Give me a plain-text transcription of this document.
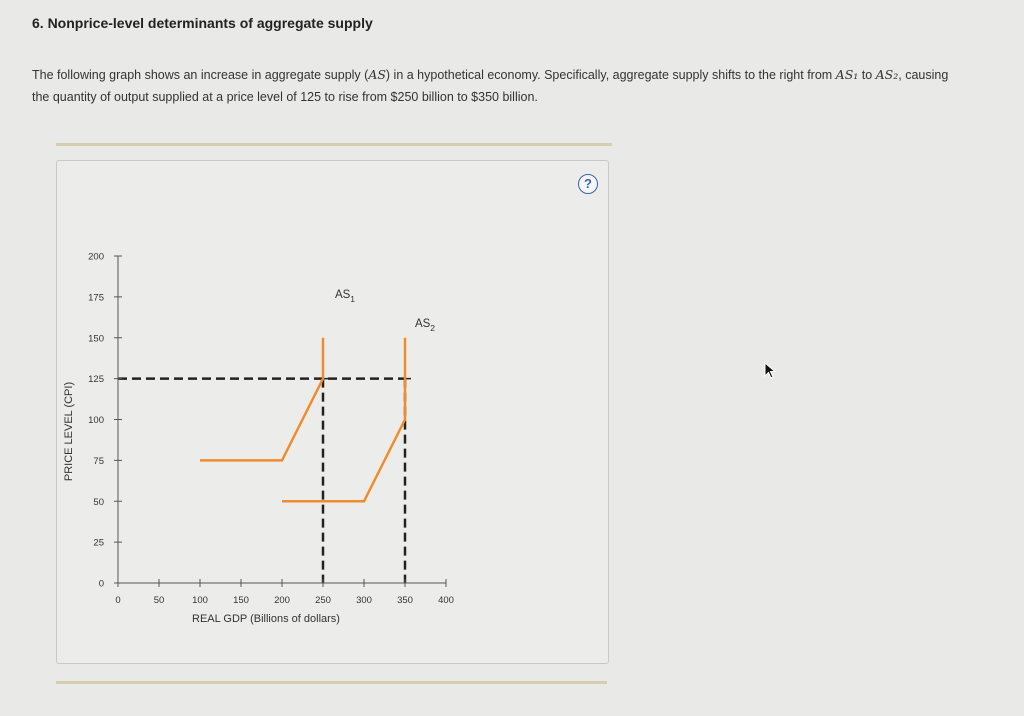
6. Nonprice-level determinants of aggregate supply
The following graph shows an increase in aggregate supply (AS) in a hypothetical economy. Specifically, aggregate supply shifts to the right from AS₁ to AS₂, causing the quantity of output supplied at a price level of 125 to rise from $250 billion to $350 billion.
?
0
25
50
75
100
125
150
175
200
0	50	100	150	200	250	300	350	400
REAL GDP (Billions of dollars)
PRICE LEVEL (CPI)
$AS_1$
$AS_2$
